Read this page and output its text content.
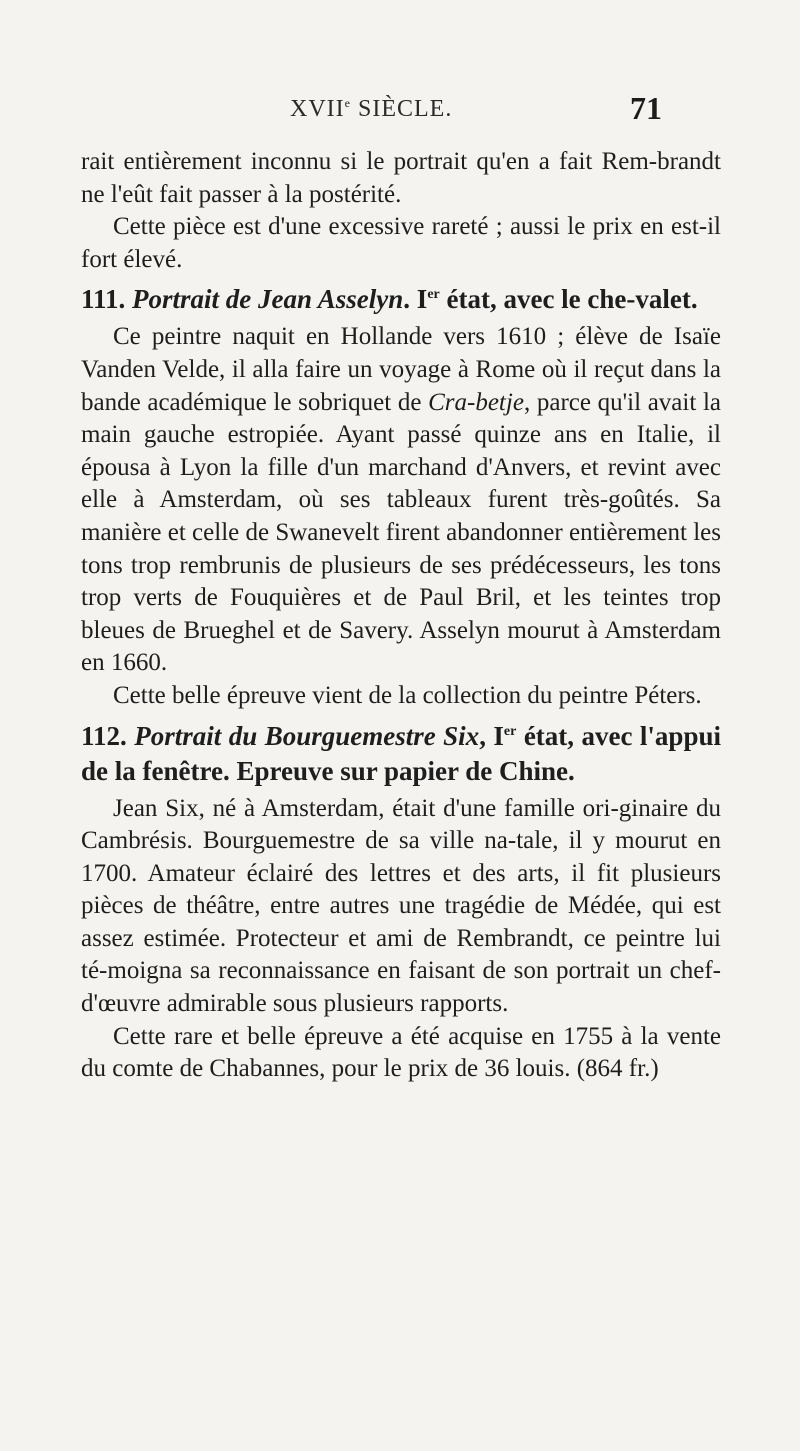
XVIIe SIÈCLE.	71

rait entièrement inconnu si le portrait qu'en a fait Rem-brandt ne l'eût fait passer à la postérité.

Cette pièce est d'une excessive rareté ; aussi le prix en est-il fort élevé.

111. Portrait de Jean Asselyn. Ier état, avec le che-valet.

Ce peintre naquit en Hollande vers 1610 ; élève de Isaïe Vanden Velde, il alla faire un voyage à Rome où il reçut dans la bande académique le sobriquet de Cra-betje, parce qu'il avait la main gauche estropiée. Ayant passé quinze ans en Italie, il épousa à Lyon la fille d'un marchand d'Anvers, et revint avec elle à Amsterdam, où ses tableaux furent très-goûtés. Sa manière et celle de Swanevelt firent abandonner entièrement les tons trop rembrunis de plusieurs de ses prédécesseurs, les tons trop verts de Fouquières et de Paul Bril, et les teintes trop bleues de Brueghel et de Savery. Asselyn mourut à Amsterdam en 1660.

Cette belle épreuve vient de la collection du peintre Péters.

112. Portrait du Bourguemestre Six, Ier état, avec l'appui de la fenêtre. Epreuve sur papier de Chine.

Jean Six, né à Amsterdam, était d'une famille ori-ginaire du Cambrésis. Bourguemestre de sa ville na-tale, il y mourut en 1700. Amateur éclairé des lettres et des arts, il fit plusieurs pièces de théâtre, entre autres une tragédie de Médée, qui est assez estimée. Protecteur et ami de Rembrandt, ce peintre lui té-moigna sa reconnaissance en faisant de son portrait un chef-d'œuvre admirable sous plusieurs rapports.

Cette rare et belle épreuve a été acquise en 1755 à la vente du comte de Chabannes, pour le prix de 36 louis. (864 fr.)
